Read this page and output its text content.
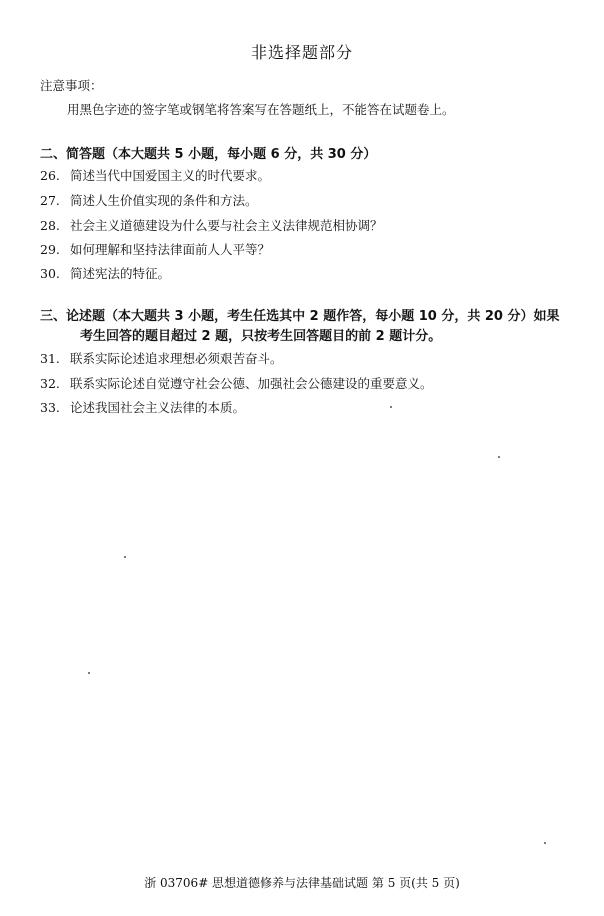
非选择题部分
注意事项：
用黑色字迹的签字笔或钢笔将答案写在答题纸上，不能答在试题卷上。
二、简答题（本大题共 5 小题，每小题 6 分，共 30 分）
26. 简述当代中国爱国主义的时代要求。
27. 简述人生价值实现的条件和方法。
28. 社会主义道德建设为什么要与社会主义法律规范相协调？
29. 如何理解和坚持法律面前人人平等？
30. 简述宪法的特征。
三、论述题（本大题共 3 小题，考生任选其中 2 题作答，每小题 10 分，共 20 分）如果
考生回答的题目超过 2 题，只按考生回答题目的前 2 题计分。
31. 联系实际论述追求理想必须艰苦奋斗。
32. 联系实际论述自觉遵守社会公德、加强社会公德建设的重要意义。
33. 论述我国社会主义法律的本质。
浙 03706# 思想道德修养与法律基础试题 第 5 页(共 5 页)
